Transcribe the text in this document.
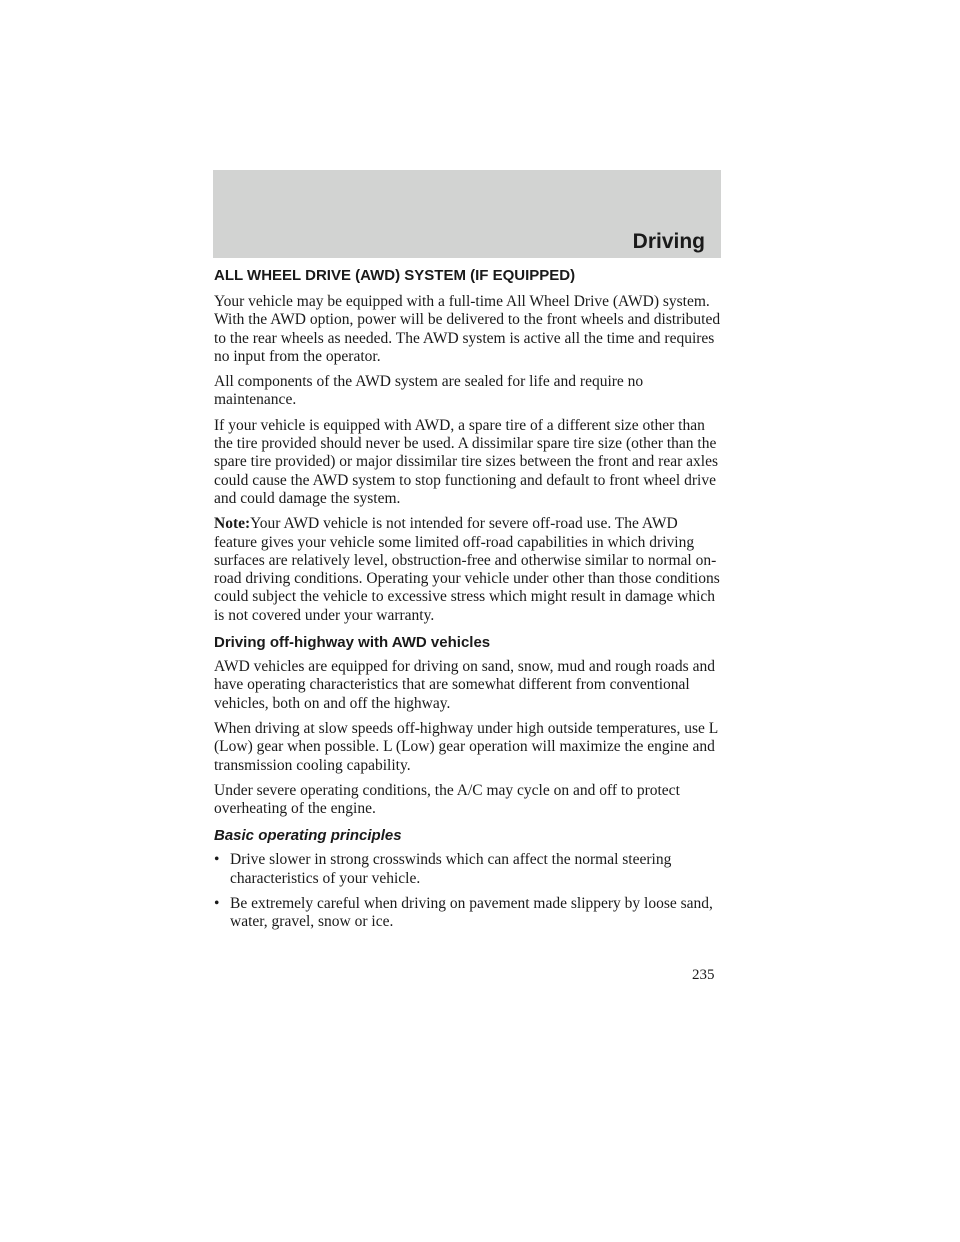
Driving

ALL WHEEL DRIVE (AWD) SYSTEM (IF EQUIPPED)

Your vehicle may be equipped with a full-time All Wheel Drive (AWD) system. With the AWD option, power will be delivered to the front wheels and distributed to the rear wheels as needed. The AWD system is active all the time and requires no input from the operator.

All components of the AWD system are sealed for life and require no maintenance.

If your vehicle is equipped with AWD, a spare tire of a different size other than the tire provided should never be used. A dissimilar spare tire size (other than the spare tire provided) or major dissimilar tire sizes between the front and rear axles could cause the AWD system to stop functioning and default to front wheel drive and could damage the system.

Note:Your AWD vehicle is not intended for severe off-road use. The AWD feature gives your vehicle some limited off-road capabilities in which driving surfaces are relatively level, obstruction-free and otherwise similar to normal on-road driving conditions. Operating your vehicle under other than those conditions could subject the vehicle to excessive stress which might result in damage which is not covered under your warranty.

Driving off-highway with AWD vehicles

AWD vehicles are equipped for driving on sand, snow, mud and rough roads and have operating characteristics that are somewhat different from conventional vehicles, both on and off the highway.

When driving at slow speeds off-highway under high outside temperatures, use L (Low) gear when possible. L (Low) gear operation will maximize the engine and transmission cooling capability.

Under severe operating conditions, the A/C may cycle on and off to protect overheating of the engine.

Basic operating principles
• Drive slower in strong crosswinds which can affect the normal steering characteristics of your vehicle.
• Be extremely careful when driving on pavement made slippery by loose sand, water, gravel, snow or ice.

235
